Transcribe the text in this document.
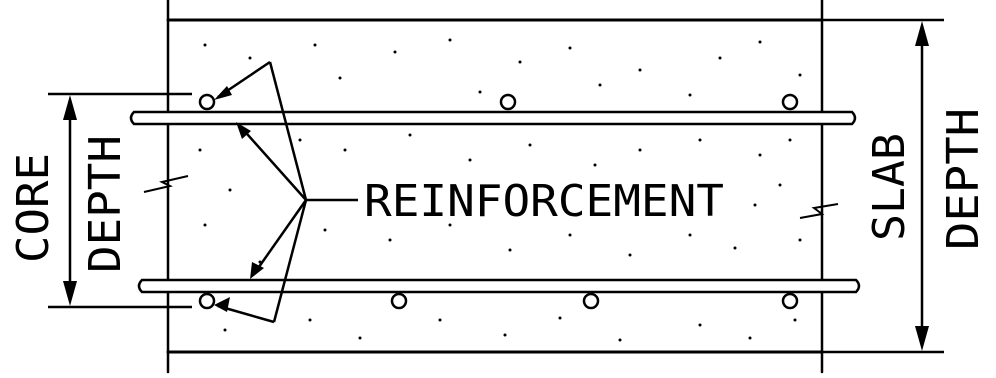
REINFORCEMENT
CORE DEPTH	SLAB DEPTH
